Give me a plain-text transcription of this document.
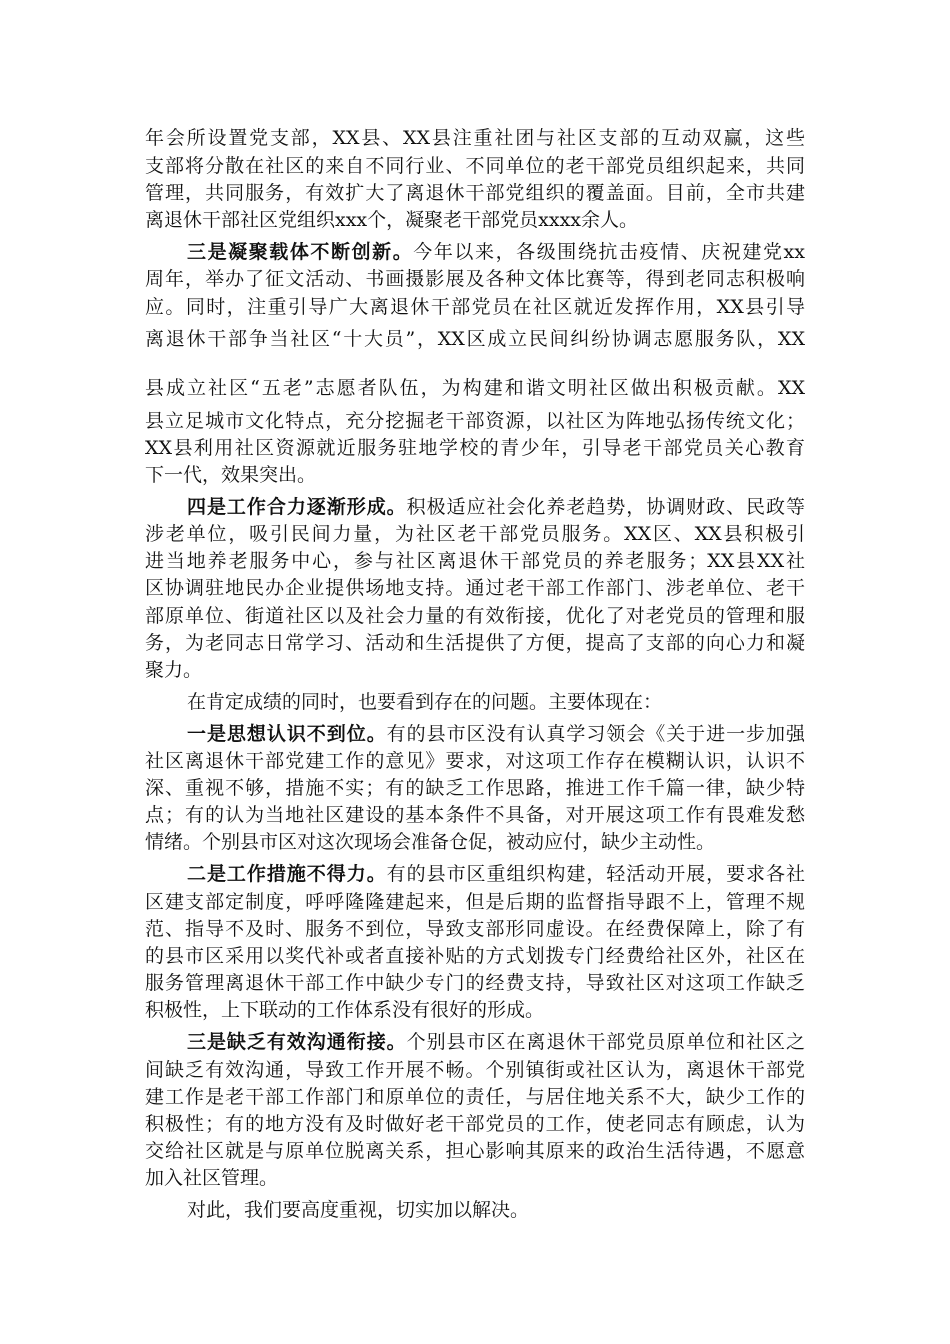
年会所设置党支部，XX县、XX县注重社团与社区支部的互动双赢，这些
支部将分散在社区的来自不同行业、不同单位的老干部党员组织起来，共同
管理，共同服务，有效扩大了离退休干部党组织的覆盖面。目前，全市共建
离退休干部社区党组织xxx个，凝聚老干部党员xxxx余人。
三是凝聚载体不断创新。今年以来，各级围绕抗击疫情、庆祝建党xx
周年，举办了征文活动、书画摄影展及各种文体比赛等，得到老同志积极响
应。同时，注重引导广大离退休干部党员在社区就近发挥作用，XX县引导
离退休干部争当社区“十大员”，XX区成立民间纠纷协调志愿服务队，XX
县成立社区“五老”志愿者队伍，为构建和谐文明社区做出积极贡献。XX
县立足城市文化特点，充分挖掘老干部资源，以社区为阵地弘扬传统文化；
XX县利用社区资源就近服务驻地学校的青少年，引导老干部党员关心教育
下一代，效果突出。
四是工作合力逐渐形成。积极适应社会化养老趋势，协调财政、民政等
涉老单位，吸引民间力量，为社区老干部党员服务。XX区、XX县积极引
进当地养老服务中心，参与社区离退休干部党员的养老服务；XX县XX社
区协调驻地民办企业提供场地支持。通过老干部工作部门、涉老单位、老干
部原单位、街道社区以及社会力量的有效衔接，优化了对老党员的管理和服
务，为老同志日常学习、活动和生活提供了方便，提高了支部的向心力和凝
聚力。
在肯定成绩的同时，也要看到存在的问题。主要体现在：
一是思想认识不到位。有的县市区没有认真学习领会《关于进一步加强
社区离退休干部党建工作的意见》要求，对这项工作存在模糊认识，认识不
深、重视不够，措施不实；有的缺乏工作思路，推进工作千篇一律，缺少特
点；有的认为当地社区建设的基本条件不具备，对开展这项工作有畏难发愁
情绪。个别县市区对这次现场会准备仓促，被动应付，缺少主动性。
二是工作措施不得力。有的县市区重组织构建，轻活动开展，要求各社
区建支部定制度，呼呼隆隆建起来，但是后期的监督指导跟不上，管理不规
范、指导不及时、服务不到位，导致支部形同虚设。在经费保障上，除了有
的县市区采用以奖代补或者直接补贴的方式划拨专门经费给社区外，社区在
服务管理离退休干部工作中缺少专门的经费支持，导致社区对这项工作缺乏
积极性，上下联动的工作体系没有很好的形成。
三是缺乏有效沟通衔接。个别县市区在离退休干部党员原单位和社区之
间缺乏有效沟通，导致工作开展不畅。个别镇街或社区认为，离退休干部党
建工作是老干部工作部门和原单位的责任，与居住地关系不大，缺少工作的
积极性；有的地方没有及时做好老干部党员的工作，使老同志有顾虑，认为
交给社区就是与原单位脱离关系，担心影响其原来的政治生活待遇，不愿意
加入社区管理。
对此，我们要高度重视，切实加以解决。
